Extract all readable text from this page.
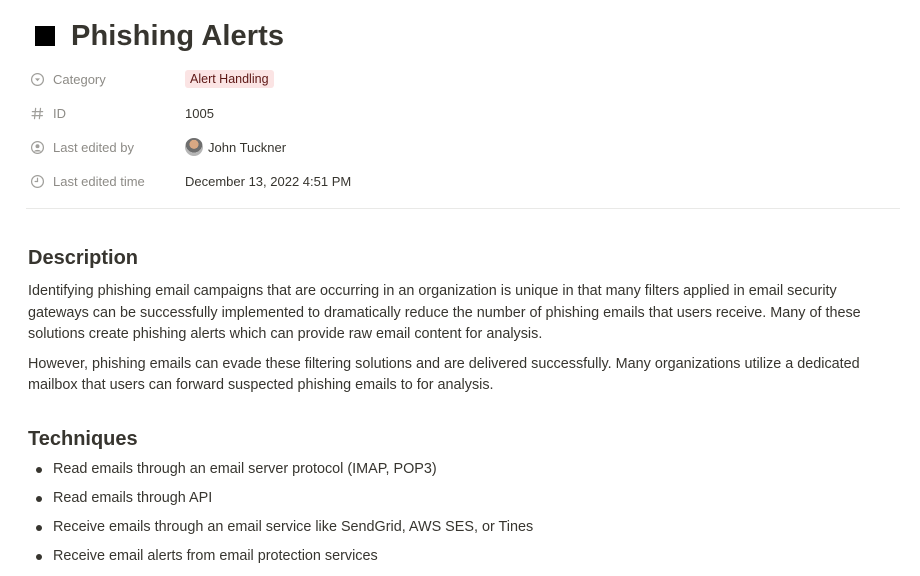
Phishing Alerts
Category	Alert Handling
ID	1005
Last edited by	John Tuckner
Last edited time	December 13, 2022 4:51 PM
Description

Identifying phishing email campaigns that are occurring in an organization is unique in that many filters applied in email security gateways can be successfully implemented to dramatically reduce the number of phishing emails that users receive. Many of these solutions create phishing alerts which can provide raw email content for analysis.

However, phishing emails can evade these filtering solutions and are delivered successfully. Many organizations utilize a dedicated mailbox that users can forward suspected phishing emails to for analysis.

Techniques
Read emails through an email server protocol (IMAP, POP3)
Read emails through API
Receive emails through an email service like SendGrid, AWS SES, or Tines
Receive email alerts from email protection services
